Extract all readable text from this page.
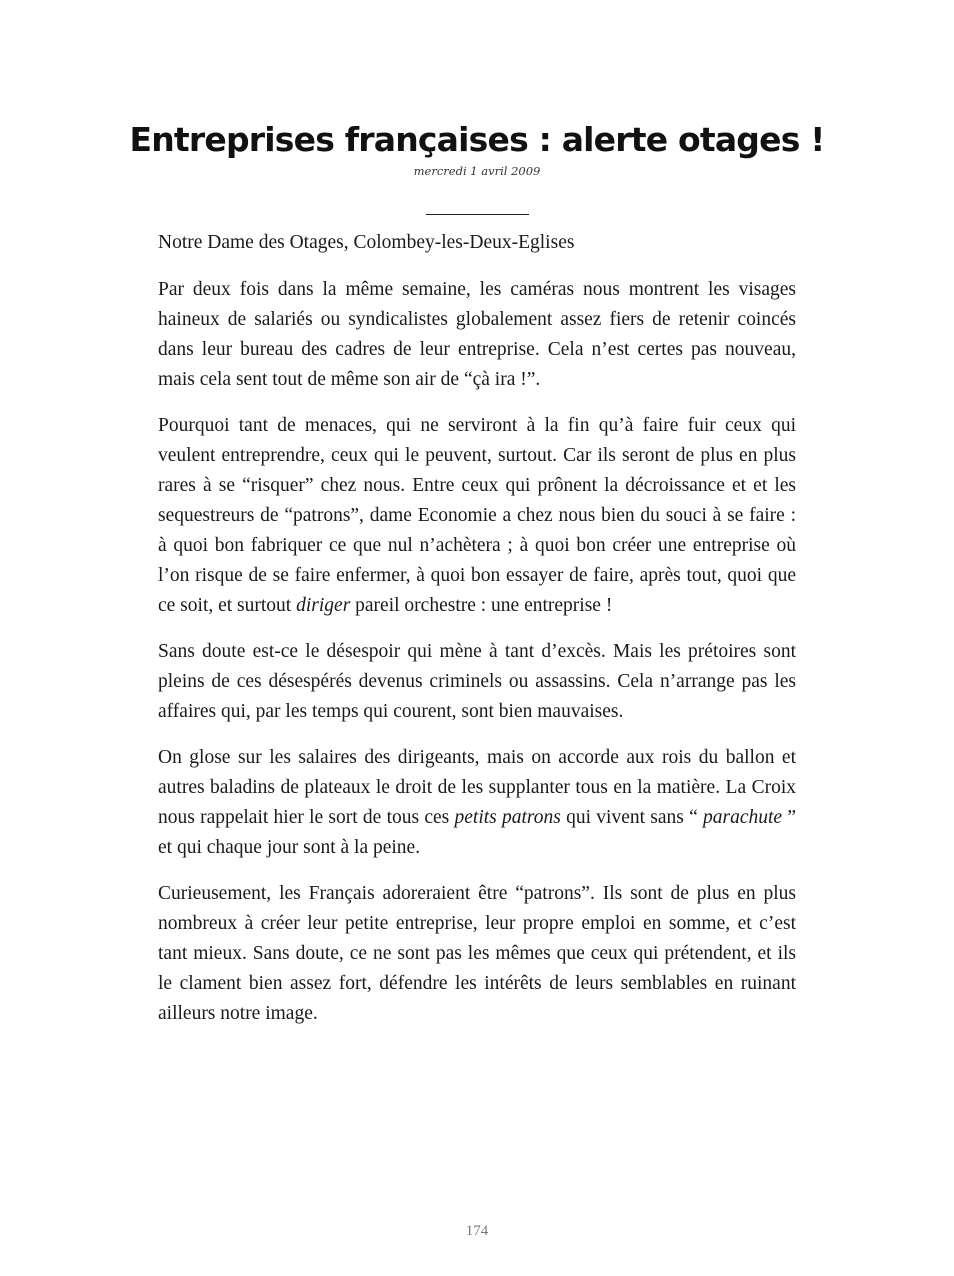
Entreprises françaises : alerte otages !
mercredi 1 avril 2009

Notre Dame des Otages, Colombey-les-Deux-Eglises

Par deux fois dans la même semaine, les caméras nous montrent les visages haineux de salariés ou syndicalistes globalement assez fiers de retenir coincés dans leur bureau des cadres de leur entreprise. Cela n’est certes pas nouveau, mais cela sent tout de même son air de “çà ira !”.

Pourquoi tant de menaces, qui ne serviront à la fin qu’à faire fuir ceux qui veulent entreprendre, ceux qui le peuvent, surtout. Car ils seront de plus en plus rares à se “risquer” chez nous. Entre ceux qui prônent la décroissance et et les sequestreurs de “patrons”, dame Economie a chez nous bien du souci à se faire : à quoi bon fabriquer ce que nul n’achètera ; à quoi bon créer une entreprise où l’on risque de se faire enfermer, à quoi bon essayer de faire, après tout, quoi que ce soit, et surtout diriger pareil orchestre : une entreprise !

Sans doute est-ce le désespoir qui mène à tant d’excès. Mais les prétoires sont pleins de ces désespérés devenus criminels ou assassins. Cela n’arrange pas les affaires qui, par les temps qui courent, sont bien mauvaises.

On glose sur les salaires des dirigeants, mais on accorde aux rois du ballon et autres baladins de plateaux le droit de les supplanter tous en la matière. La Croix nous rappelait hier le sort de tous ces petits patrons qui vivent sans “ parachute ” et qui chaque jour sont à la peine.

Curieusement, les Français adoreraient être “patrons”. Ils sont de plus en plus nombreux à créer leur petite entreprise, leur propre emploi en somme, et c’est tant mieux. Sans doute, ce ne sont pas les mêmes que ceux qui prétendent, et ils le clament bien assez fort, défendre les intérêts de leurs semblables en ruinant ailleurs notre image.

174
